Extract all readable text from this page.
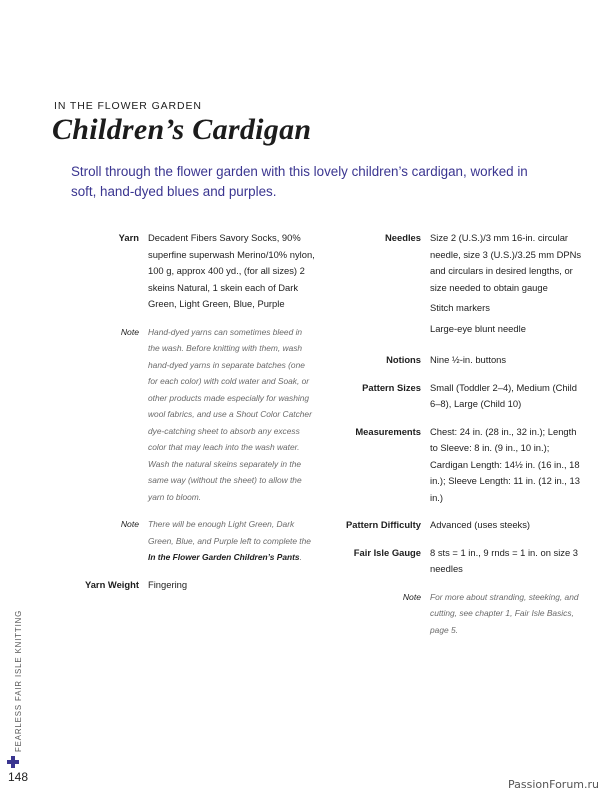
IN THE FLOWER GARDEN
Children’s Cardigan
Stroll through the flower garden with this lovely children’s cardigan, worked in soft, hand-dyed blues and purples.
Yarn Decadent Fibers Savory Socks, 90% superfine superwash Merino/10% nylon, 100 g, approx 400 yd., (for all sizes) 2 skeins Natural, 1 skein each of Dark Green, Light Green, Blue, Purple
Note	Hand-dyed yarns can sometimes bleed in the wash. Before knitting with them, wash hand-dyed yarns in separate batches (one for each color) with cold water and Soak, or other products made especially for washing wool fabrics, and use a Shout Color Catcher dye-catching sheet to absorb any excess color that may leach into the wash water. Wash the natural skeins separately in the same way (without the sheet) to allow the yarn to bloom.
Note	There will be enough Light Green, Dark Green, Blue, and Purple left to complete the In the Flower Garden Children’s Pants.
Yarn Weight Fingering
Needles Size 2 (U.S.)/3 mm 16-in. circular needle, size 3 (U.S.)/3.25 mm DPNs and circulars in desired lengths, or size needed to obtain gauge

Stitch markers

Large-eye blunt needle

Notions Nine ½-in. buttons
Pattern Sizes Small (Toddler 2–4), Medium (Child 6–8), Large (Child 10)
Measurements Chest: 24 in. (28 in., 32 in.); Length to Sleeve: 8 in. (9 in., 10 in.); Cardigan Length: 14½ in. (16 in., 18 in.); Sleeve Length: 11 in. (12 in., 13 in.)
Pattern Difficulty Advanced (uses steeks)
Fair Isle Gauge 8 sts = 1 in., 9 rnds = 1 in. on size 3 needles
Note	For more about stranding, steeking, and cutting, see chapter 1, Fair Isle Basics, page 5.
FEARLESS FAIR ISLE KNITTING
148
PassionForum.ru
